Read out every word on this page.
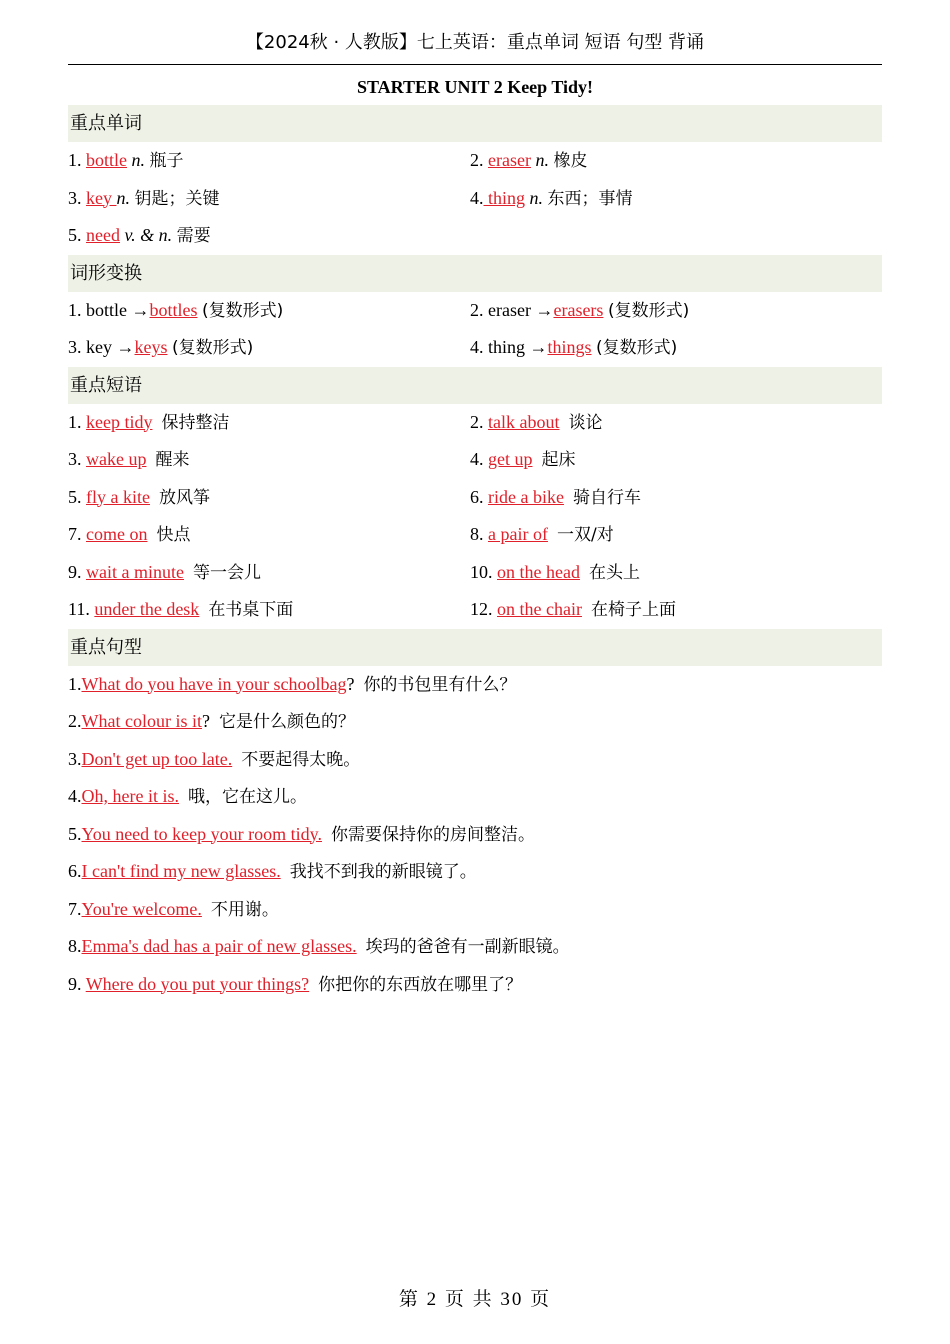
【2024秋 · 人教版】七上英语：重点单词 短语 句型 背诵
STARTER UNIT 2 Keep Tidy!
重点单词
1. bottle n. 瓶子	2. eraser n. 橡皮
3. key n. 钥匙；关键	4. thing n. 东西；事情
5. need v. & n. 需要
词形变换
1. bottle →bottles (复数形式)	2. eraser →erasers (复数形式)
3. key →keys (复数形式)	4. thing →things (复数形式)
重点短语
1. keep tidy 保持整洁	2. talk about 谈论
3. wake up 醒来	4. get up 起床
5. fly a kite 放风筝	6. ride a bike 骑自行车
7. come on 快点	8. a pair of 一双/对
9. wait a minute 等一会儿	10. on the head 在头上
11. under the desk 在书桌下面	12. on the chair 在椅子上面
重点句型
1.What do you have in your schoolbag? 你的书包里有什么？
2.What colour is it? 它是什么颜色的？
3.Don't get up too late. 不要起得太晚。
4.Oh, here it is. 哦，它在这儿。
5.You need to keep your room tidy. 你需要保持你的房间整洁。
6.I can't find my new glasses. 我找不到我的新眼镜了。
7.You're welcome. 不用谢。
8.Emma's dad has a pair of new glasses. 埃玛的爸爸有一副新眼镜。
9. Where do you put your things? 你把你的东西放在哪里了？
第 2 页 共 30 页
